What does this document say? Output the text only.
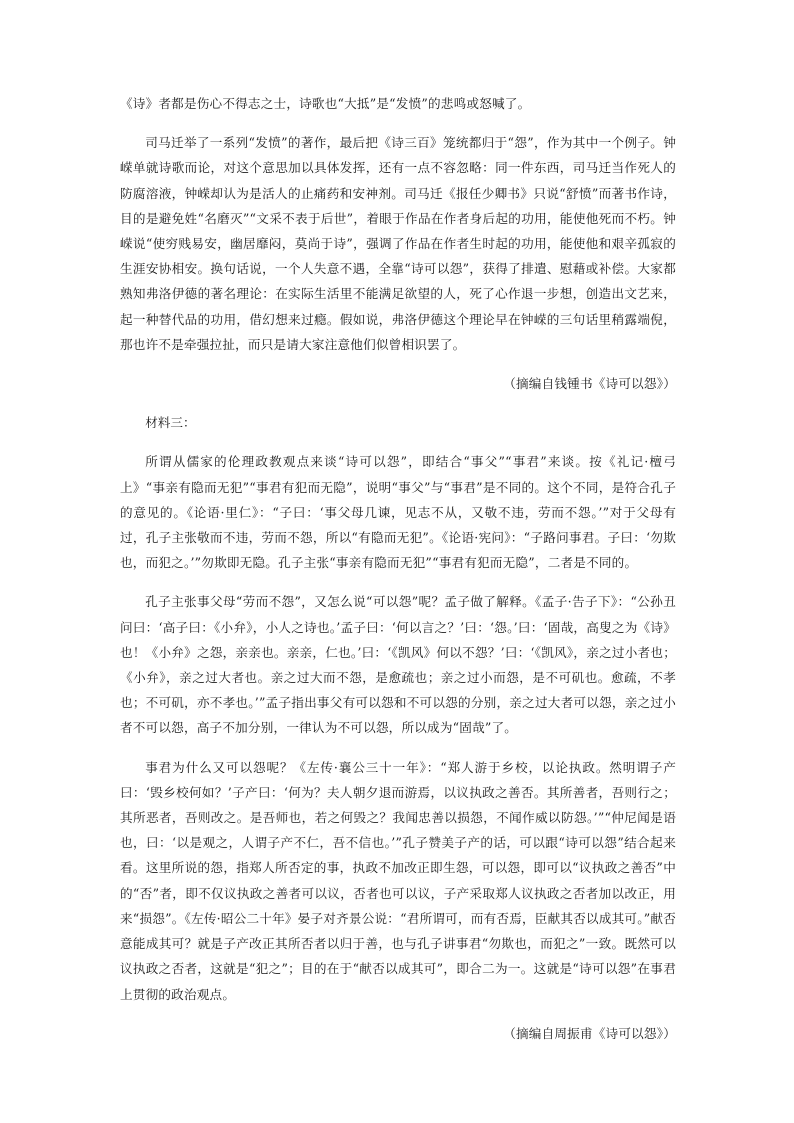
《诗》者都是伤心不得志之士，诗歌也“大抵”是“发愤”的悲鸣或怒喊了。

司马迁举了一系列“发愤”的著作，最后把《诗三百》笼统都归于“怨”，作为其中一个例子。钟嵘单就诗歌而论，对这个意思加以具体发挥，还有一点不容忽略：同一件东西，司马迁当作死人的防腐溶液，钟嵘却认为是活人的止痛药和安神剂。司马迁《报任少卿书》只说“舒愤”而著书作诗，目的是避免姓“名磨灭”“文采不表于后世”，着眼于作品在作者身后起的功用，能使他死而不朽。钟嵘说“使穷贱易安，幽居靡闷，莫尚于诗”，强调了作品在作者生时起的功用，能使他和艰辛孤寂的生涯安协相安。换句话说，一个人失意不遇，全靠“诗可以怨”，获得了排遣、慰藉或补偿。大家都熟知弗洛伊德的著名理论：在实际生活里不能满足欲望的人，死了心作退一步想，创造出文艺来，起一种替代品的功用，借幻想来过瘾。假如说，弗洛伊德这个理论早在钟嵘的三句话里稍露端倪，那也许不是牵强拉扯，而只是请大家注意他们似曾相识罢了。

（摘编自钱锺书《诗可以怨》）

材料三：

所谓从儒家的伦理政教观点来谈“诗可以怨”，即结合“事父”“事君”来谈。按《礼记·檀弓上》“事亲有隐而无犯”“事君有犯而无隐”，说明“事父”与“事君”是不同的。这个不同，是符合孔子的意见的。《论语·里仁》：“子曰：‘事父母几谏，见志不从，又敬不违，劳而不怨。’”对于父母有过，孔子主张敬而不违，劳而不怨，所以“有隐而无犯”。《论语·宪问》：“子路问事君。子曰：‘勿欺也，而犯之。’”勿欺即无隐。孔子主张“事亲有隐而无犯”“事君有犯而无隐”，二者是不同的。

孔子主张事父母“劳而不怨”，又怎么说“可以怨”呢？孟子做了解释。《孟子·告子下》：“公孙丑问曰：‘高子曰：《小弁》，小人之诗也。’孟子曰：‘何以言之？’曰：‘怨。’曰：‘固哉，高叟之为《诗》也！《小弁》之怨，亲亲也。亲亲，仁也。’曰：‘《凯风》何以不怨？’曰：‘《凯风》，亲之过小者也；《小弁》，亲之过大者也。亲之过大而不怨，是愈疏也；亲之过小而怨，是不可矶也。愈疏，不孝也；不可矶，亦不孝也。’”孟子指出事父有可以怨和不可以怨的分别，亲之过大者可以怨，亲之过小者不可以怨，高子不加分别，一律认为不可以怨，所以成为“固哉”了。

事君为什么又可以怨呢？《左传·襄公三十一年》：“郑人游于乡校，以论执政。然明谓子产曰：‘毁乡校何如？’子产曰：‘何为？夫人朝夕退而游焉，以议执政之善否。其所善者，吾则行之；其所恶者，吾则改之。是吾师也，若之何毁之？我闻忠善以损怨，不闻作威以防怨。’”“仲尼闻是语也，曰：‘以是观之，人谓子产不仁，吾不信也。’”孔子赞美子产的话，可以跟“诗可以怨”结合起来看。这里所说的怨，指郑人所否定的事，执政不加改正即生怨，可以怨，即可以“议执政之善否”中的“否”者，即不仅议执政之善者可以议，否者也可以议，子产采取郑人议执政之否者加以改正，用来“损怨”。《左传·昭公二十年》晏子对齐景公说：“君所谓可，而有否焉，臣献其否以成其可。”献否意能成其可？就是子产改正其所否者以归于善，也与孔子讲事君“勿欺也，而犯之”一致。既然可以议执政之否者，这就是“犯之”；目的在于“献否以成其可”，即合二为一。这就是“诗可以怨”在事君上贯彻的政治观点。

（摘编自周振甫《诗可以怨》）
